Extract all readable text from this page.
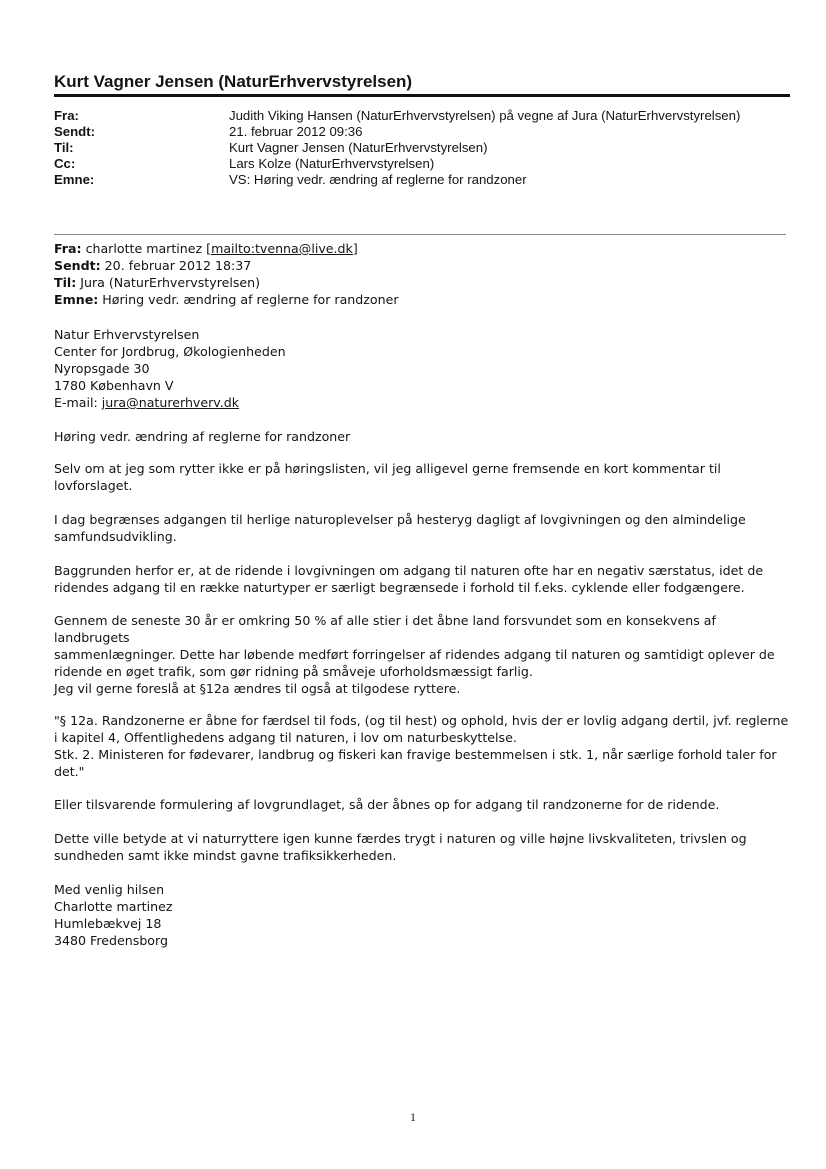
Kurt Vagner Jensen (NaturErhvervstyrelsen)
Fra:	Judith Viking Hansen (NaturErhvervstyrelsen) på vegne af Jura (NaturErhvervstyrelsen)
Sendt:	21. februar 2012 09:36
Til:	Kurt Vagner Jensen (NaturErhvervstyrelsen)
Cc:	Lars Kolze (NaturErhvervstyrelsen)
Emne:	VS: Høring vedr. ændring af reglerne for randzoner
Fra: charlotte martinez [mailto:tvenna@live.dk]
Sendt: 20. februar 2012 18:37
Til: Jura (NaturErhvervstyrelsen)
Emne: Høring vedr. ændring af reglerne for randzoner

Natur Erhvervstyrelsen

Center for Jordbrug, Økologienheden

Nyropsgade 30

1780 København V

E-mail: jura@naturerhverv.dk

Høring vedr. ændring af reglerne for randzoner

Selv om at jeg som rytter ikke er på høringslisten, vil jeg alligevel gerne fremsende en kort kommentar til

lovforslaget.

I dag begrænses adgangen til herlige naturoplevelser på hesteryg dagligt af lovgivningen og den almindelige

samfundsudvikling.

Baggrunden herfor er, at de ridende i lovgivningen om adgang til naturen ofte har en negativ særstatus, idet de

ridendes adgang til en række naturtyper er særligt begrænsede i forhold til f.eks. cyklende eller fodgængere.

Gennem de seneste 30 år er omkring 50 % af alle stier i det åbne land forsvundet som en konsekvens af landbrugets

sammenlægninger. Dette har løbende medført forringelser af ridendes adgang til naturen og samtidigt oplever de

ridende en øget trafik, som gør ridning på småveje uforholdsmæssigt farlig.

Jeg vil gerne foreslå at §12a ændres til også at tilgodese ryttere.

"§ 12a. Randzonerne er åbne for færdsel til fods, (og til hest) og ophold, hvis der er lovlig adgang dertil, jvf. reglerne

i kapitel 4, Offentlighedens adgang til naturen, i lov om naturbeskyttelse.

Stk. 2. Ministeren for fødevarer, landbrug og fiskeri kan fravige bestemmelsen i stk. 1, når særlige forhold taler for

det."

Eller tilsvarende formulering af lovgrundlaget, så der åbnes op for adgang til randzonerne for de ridende.

Dette ville betyde at vi naturryttere igen kunne færdes trygt i naturen og ville højne livskvaliteten, trivslen og

sundheden samt ikke mindst gavne trafiksikkerheden.

Med venlig hilsen

Charlotte martinez

Humlebækvej 18

3480 Fredensborg

1
